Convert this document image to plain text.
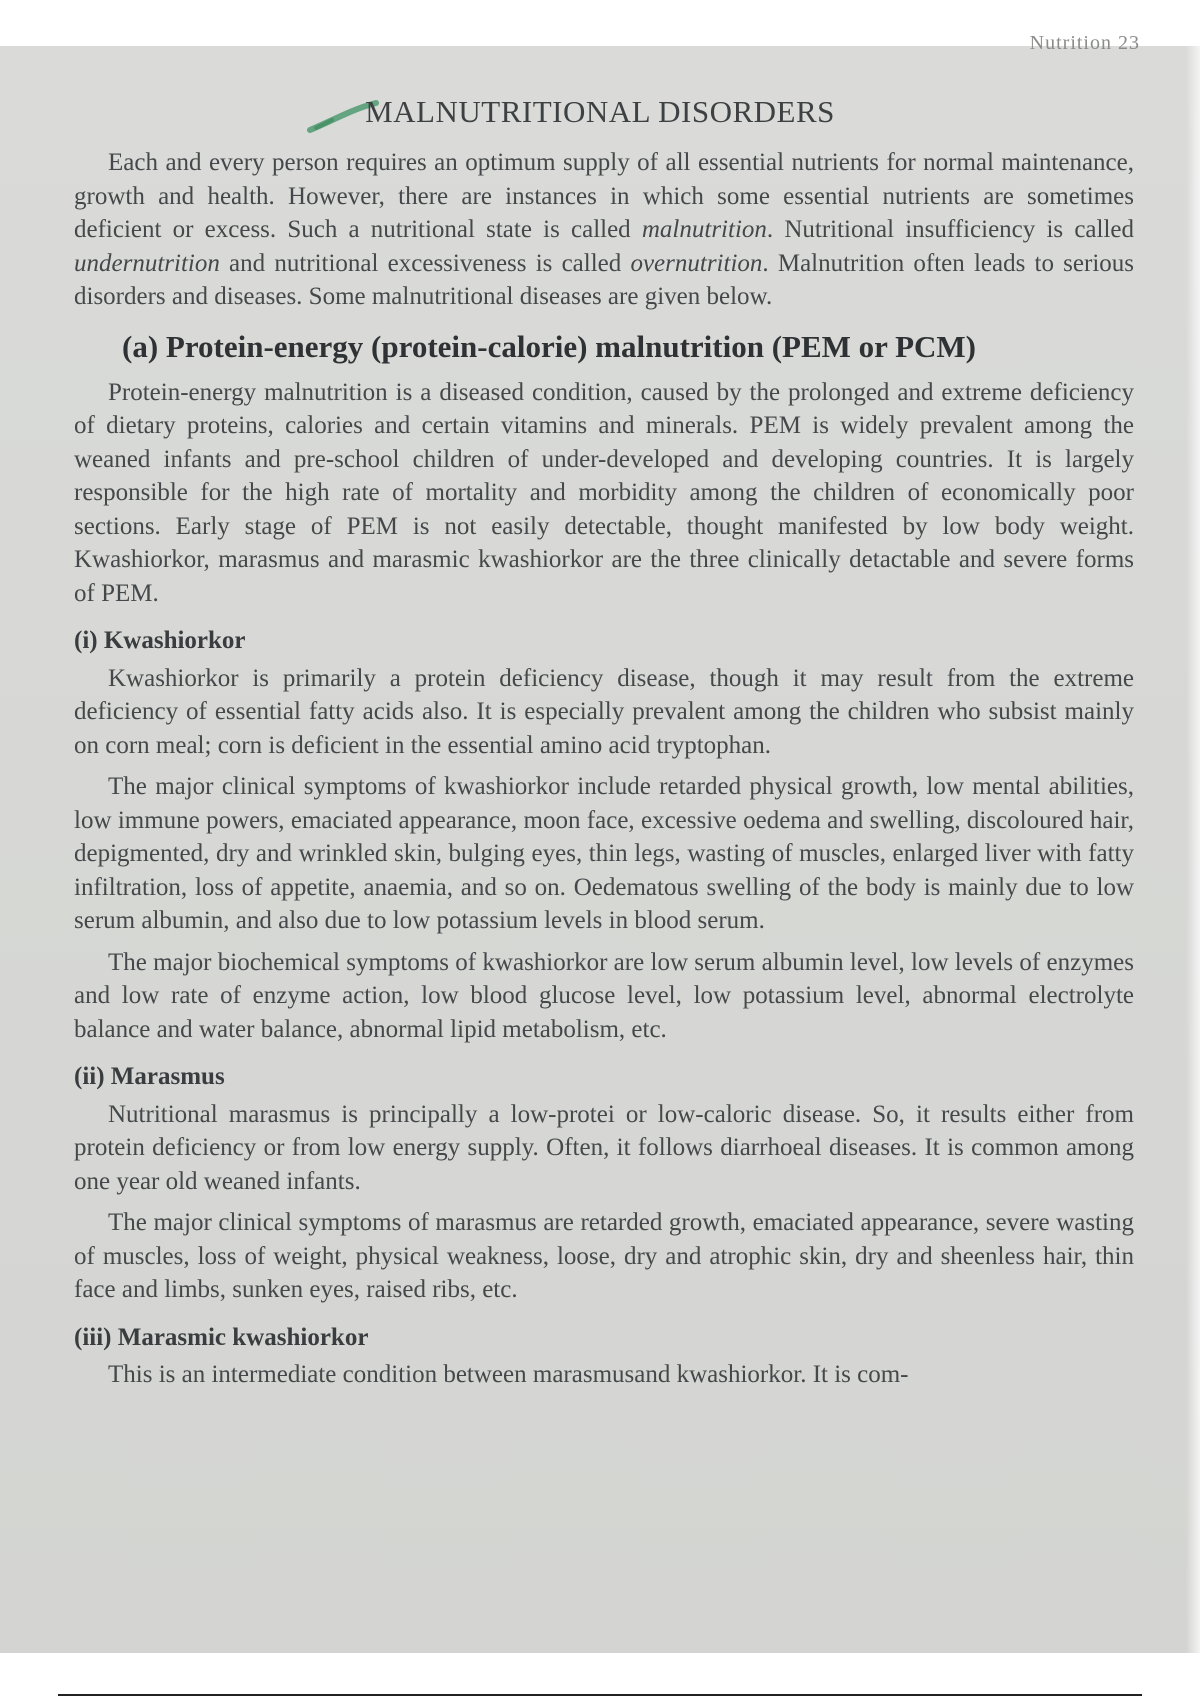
Nutrition 23
MALNUTRITIONAL DISORDERS

Each and every person requires an optimum supply of all essential nutrients for normal maintenance, growth and health. However, there are instances in which some essential nutrients are sometimes deficient or excess. Such a nutritional state is called malnutrition. Nutritional insufficiency is called undernutrition and nutritional excessiveness is called overnutrition. Malnutrition often leads to serious disorders and diseases. Some malnutritional diseases are given below.

(a) Protein-energy (protein-calorie) malnutrition (PEM or PCM)

Protein-energy malnutrition is a diseased condition, caused by the prolonged and extreme deficiency of dietary proteins, calories and certain vitamins and minerals. PEM is widely prevalent among the weaned infants and pre-school children of under-developed and developing countries. It is largely responsible for the high rate of mortality and morbidity among the children of economically poor sections. Early stage of PEM is not easily detectable, thought manifested by low body weight. Kwashiorkor, marasmus and marasmic kwashiorkor are the three clinically detactable and severe forms of PEM.

(i) Kwashiorkor

Kwashiorkor is primarily a protein deficiency disease, though it may result from the extreme deficiency of essential fatty acids also. It is especially prevalent among the children who subsist mainly on corn meal; corn is deficient in the essential amino acid tryptophan.

The major clinical symptoms of kwashiorkor include retarded physical growth, low mental abilities, low immune powers, emaciated appearance, moon face, excessive oedema and swelling, discoloured hair, depigmented, dry and wrinkled skin, bulging eyes, thin legs, wasting of muscles, enlarged liver with fatty infiltration, loss of appetite, anaemia, and so on. Oedematous swelling of the body is mainly due to low serum albumin, and also due to low potassium levels in blood serum.

The major biochemical symptoms of kwashiorkor are low serum albumin level, low levels of enzymes and low rate of enzyme action, low blood glucose level, low potassium level, abnormal electrolyte balance and water balance, abnormal lipid metabolism, etc.

(ii) Marasmus

Nutritional marasmus is principally a low-protei or low-caloric disease. So, it results either from protein deficiency or from low energy supply. Often, it follows diarrhoeal diseases. It is common among one year old weaned infants.

The major clinical symptoms of marasmus are retarded growth, emaciated appearance, severe wasting of muscles, loss of weight, physical weakness, loose, dry and atrophic skin, dry and sheenless hair, thin face and limbs, sunken eyes, raised ribs, etc.

(iii) Marasmic kwashiorkor

This is an intermediate condition between marasmusand kwashiorkor. It is com-
